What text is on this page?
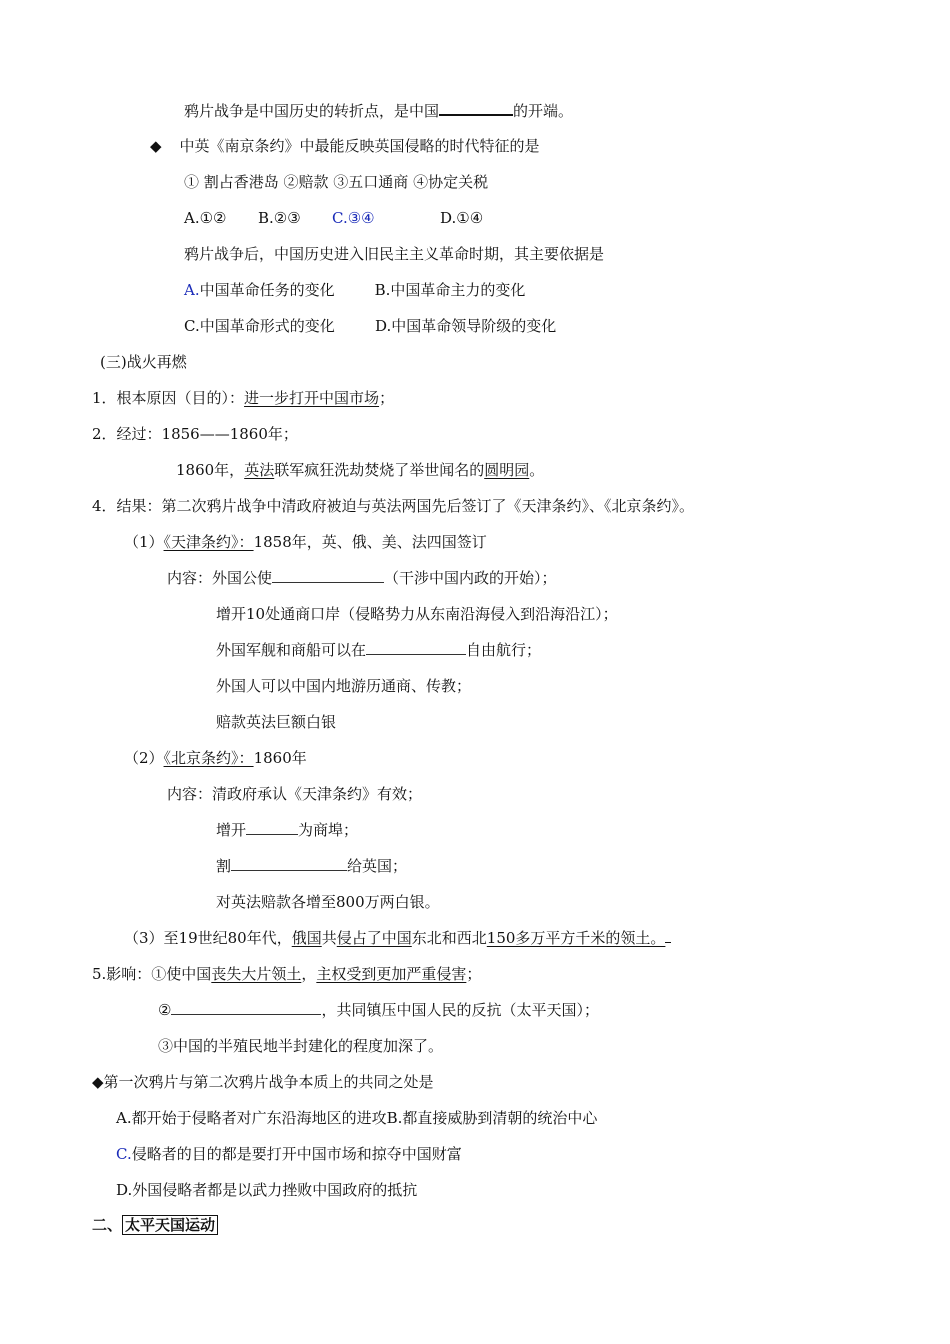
鸦片战争是中国历史的转折点，是中国	的开端。
◆ 中英《南京条约》中最能反映英国侵略的时代特征的是
① 割占香港岛 ②赔款 ③五口通商 ④协定关税
A.①② B.②③ C.③④	D.①④
鸦片战争后，中国历史进入旧民主主义革命时期，其主要依据是
A.中国革命任务的变化	B.中国革命主力的变化
C.中国革命形式的变化	D.中国革命领导阶级的变化
(三)战火再燃
1．根本原因（目的）：进一步打开中国市场；
2．经过：1856——1860年；
1860年，英法联军疯狂洗劫焚烧了举世闻名的圆明园。
4．结果：第二次鸦片战争中清政府被迫与英法两国先后签订了《天津条约》、《北京条约》。
（1）《天津条约》：1858年，英、俄、美、法四国签订
内容：外国公使	（干涉中国内政的开始）；
增开10处通商口岸（侵略势力从东南沿海侵入到沿海沿江）；
外国军舰和商船可以在	自由航行；
外国人可以中国内地游历通商、传教；
赔款英法巨额白银
（2）《北京条约》：1860年
内容：清政府承认《天津条约》有效；
增开	为商埠；
割	给英国；
对英法赔款各增至800万两白银。
（3）至19世纪80年代，俄国共侵占了中国东北和西北150多万平方千米的领土。
5.影响：①使中国丧失大片领土，主权受到更加严重侵害；
②	，共同镇压中国人民的反抗（太平天国）；
③中国的半殖民地半封建化的程度加深了。
◆第一次鸦片与第二次鸦片战争本质上的共同之处是
A.都开始于侵略者对广东沿海地区的进攻B.都直接威胁到清朝的统治中心
C.侵略者的目的都是要打开中国市场和掠夺中国财富
D.外国侵略者都是以武力挫败中国政府的抵抗
二、 太平天国运动
